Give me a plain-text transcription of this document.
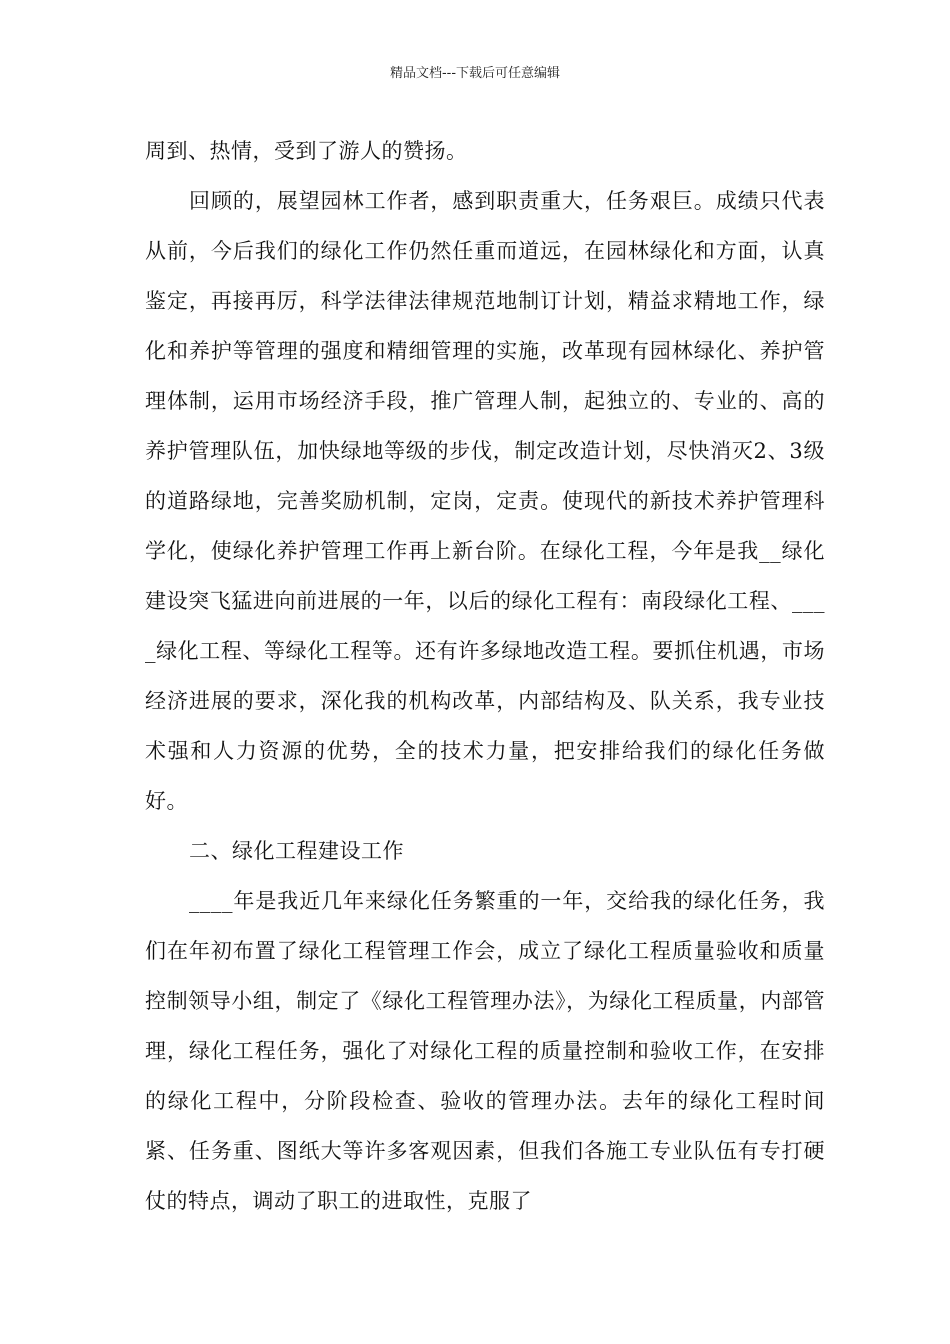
精品文档---下载后可任意编辑

周到、热情，受到了游人的赞扬。

回顾的，展望园林工作者，感到职责重大，任务艰巨。成绩只代表从前，今后我们的绿化工作仍然任重而道远，在园林绿化和方面，认真鉴定，再接再厉，科学法律法律规范地制订计划，精益求精地工作，绿化和养护等管理的强度和精细管理的实施，改革现有园林绿化、养护管理体制，运用市场经济手段，推广管理人制，起独立的、专业的、高的养护管理队伍，加快绿地等级的步伐，制定改造计划，尽快消灭2、3级的道路绿地，完善奖励机制，定岗，定责。使现代的新技术养护管理科学化，使绿化养护管理工作再上新台阶。在绿化工程，今年是我__绿化建设突飞猛进向前进展的一年，以后的绿化工程有：南段绿化工程、____绿化工程、等绿化工程等。还有许多绿地改造工程。要抓住机遇，市场经济进展的要求，深化我的机构改革，内部结构及、队关系，我专业技术强和人力资源的优势，全的技术力量，把安排给我们的绿化任务做好。

二、绿化工程建设工作

____年是我近几年来绿化任务繁重的一年，交给我的绿化任务，我们在年初布置了绿化工程管理工作会，成立了绿化工程质量验收和质量控制领导小组，制定了《绿化工程管理办法》，为绿化工程质量，内部管理，绿化工程任务，强化了对绿化工程的质量控制和验收工作，在安排的绿化工程中，分阶段检查、验收的管理办法。去年的绿化工程时间紧、任务重、图纸大等许多客观因素，但我们各施工专业队伍有专打硬仗的特点，调动了职工的进取性，克服了
